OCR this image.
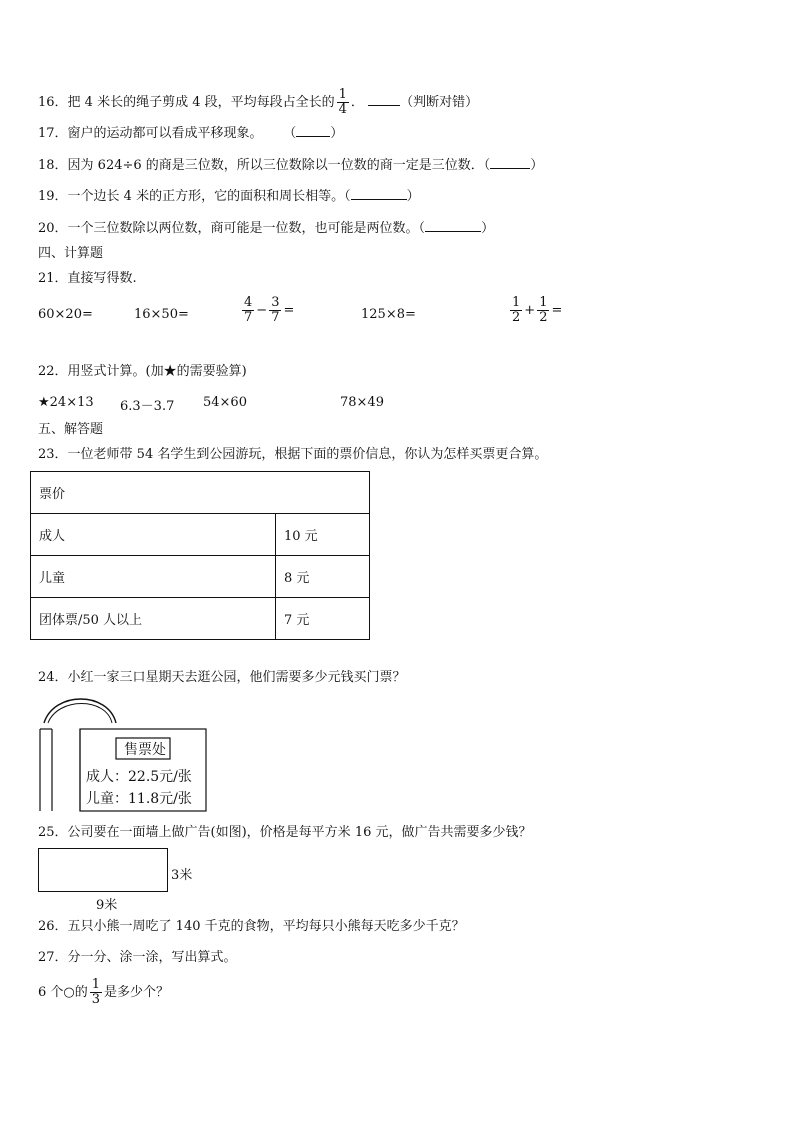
16．把 4 米长的绳子剪成 4 段，平均每段占全长的 $\frac{1}{4}$ ．	（判断对错）
17．窗户的运动都可以看成平移现象。 （	）
18．因为 624÷6 的商是三位数，所以三位数除以一位数的商一定是三位数．（	）
19．一个边长 4 米的正方形，它的面积和周长相等。（	）
20．一个三位数除以两位数，商可能是一位数，也可能是两位数。（	）
四、计算题
21．直接写得数.
60×20=	16×50=	$\frac{4}{7} - \frac{3}{7}$ =	125×8=	$\frac{1}{2} + \frac{1}{2}$ =
22．用竖式计算。(加★的需要验算)
★24×13 6.3－3.7 54×60	78×49
五、解答题
23．一位老师带 54 名学生到公园游玩，根据下面的票价信息，你认为怎样买票更合算。
票价	
成人	10 元
儿童	8 元
团体票/50 人以上	7 元
24．小红一家三口星期天去逛公园，他们需要多少元钱买门票？
售票处
成人：22.5元/张
儿童：11.8元/张
25．公司要在一面墙上做广告(如图)，价格是每平方米 16 元，做广告共需要多少钱？
3米
9米
26．五只小熊一周吃了 140 千克的食物，平均每只小熊每天吃多少千克？
27．分一分、涂一涂，写出算式。
6 个○的 $\frac{1}{3}$ 是多少个？
